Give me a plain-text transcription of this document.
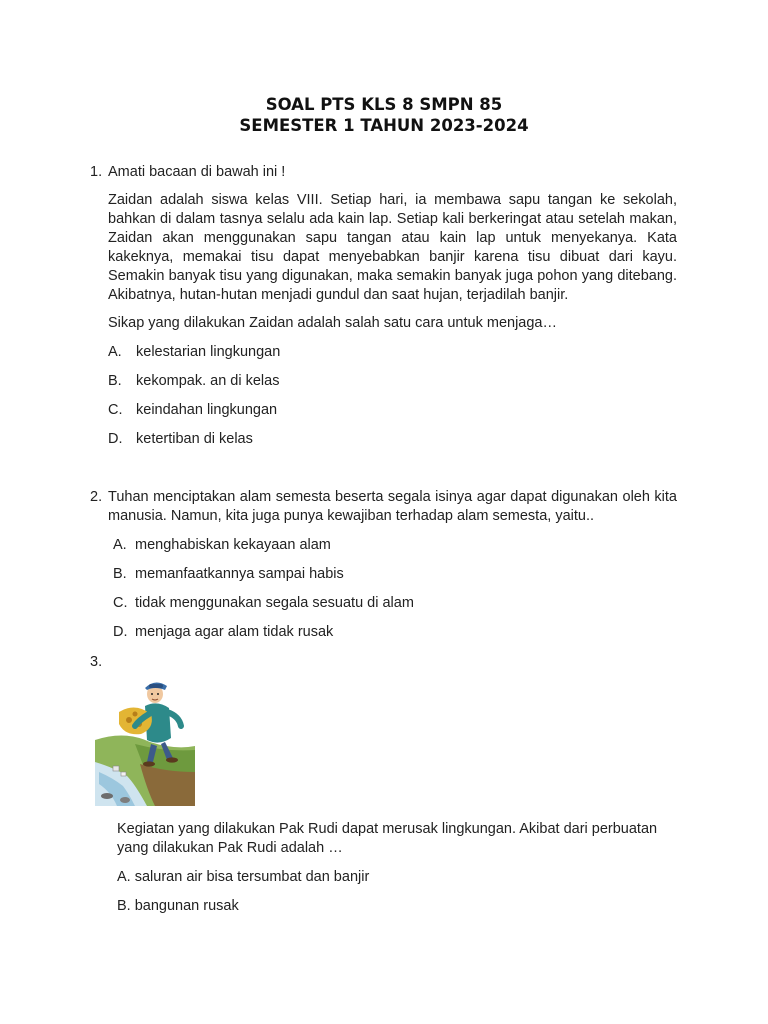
SOAL PTS KLS 8 SMPN 85
SEMESTER 1 TAHUN 2023-2024
1. Amati bacaan di bawah ini !
Zaidan adalah siswa kelas VIII. Setiap hari, ia membawa sapu tangan ke sekolah, bahkan di dalam tasnya selalu ada kain lap. Setiap kali berkeringat atau setelah makan, Zaidan akan menggunakan sapu tangan atau kain lap untuk menyekanya. Kata kakeknya, memakai tisu dapat menyebabkan banjir karena tisu dibuat dari kayu. Semakin banyak tisu yang digunakan, maka semakin banyak juga pohon yang ditebang. Akibatnya, hutan-hutan menjadi gundul dan saat hujan, terjadilah banjir.
Sikap yang dilakukan Zaidan adalah salah satu cara untuk menjaga…
A. kelestarian lingkungan
B. kekompak. an di kelas
C. keindahan lingkungan
D. ketertiban di kelas
2. Tuhan menciptakan alam semesta beserta segala isinya agar dapat digunakan oleh kita manusia. Namun, kita juga punya kewajiban terhadap alam semesta, yaitu..
A. menghabiskan kekayaan alam
B. memanfaatkannya sampai habis
C. tidak menggunakan segala sesuatu di alam
D. menjaga agar alam tidak rusak
3.
Kegiatan yang dilakukan Pak Rudi dapat merusak lingkungan. Akibat dari perbuatan yang dilakukan Pak Rudi adalah …
A. saluran air bisa tersumbat dan banjir
B. bangunan rusak
